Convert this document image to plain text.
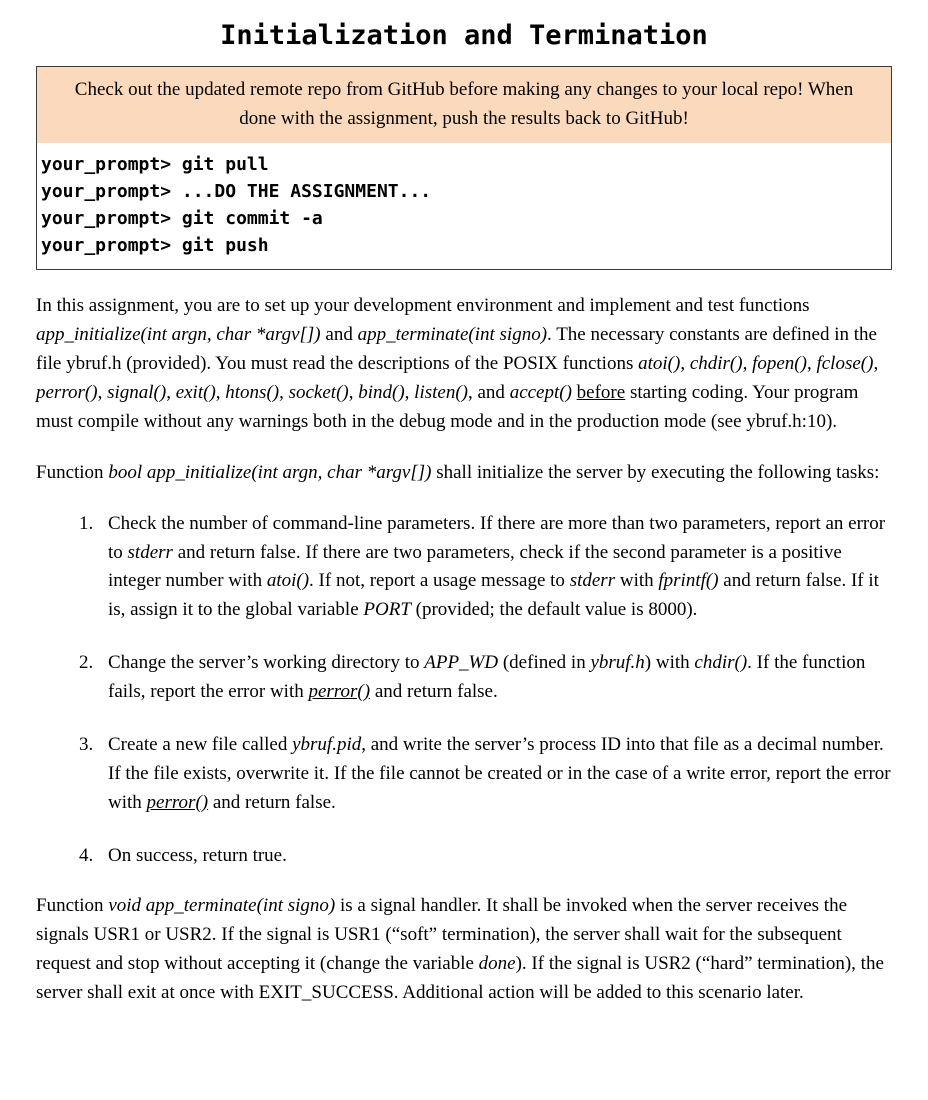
Initialization and Termination
Check out the updated remote repo from GitHub before making any changes to your local repo! When done with the assignment, push the results back to GitHub!
your_prompt> git pull
your_prompt> ...DO THE ASSIGNMENT...
your_prompt> git commit -a
your_prompt> git push

In this assignment, you are to set up your development environment and implement and test functions app_initialize(int argn, char *argv[]) and app_terminate(int signo). The necessary constants are defined in the file ybruf.h (provided). You must read the descriptions of the POSIX functions atoi(), chdir(), fopen(), fclose(), perror(), signal(), exit(), htons(), socket(), bind(), listen(), and accept() before starting coding. Your program must compile without any warnings both in the debug mode and in the production mode (see ybruf.h:10).

Function bool app_initialize(int argn, char *argv[]) shall initialize the server by executing the following tasks:

1. Check the number of command-line parameters. If there are more than two parameters, report an error to stderr and return false. If there are two parameters, check if the second parameter is a positive integer number with atoi(). If not, report a usage message to stderr with fprintf() and return false. If it is, assign it to the global variable PORT (provided; the default value is 8000).
2. Change the server’s working directory to APP_WD (defined in ybruf.h) with chdir(). If the function fails, report the error with perror() and return false.
3. Create a new file called ybruf.pid, and write the server’s process ID into that file as a decimal number. If the file exists, overwrite it. If the file cannot be created or in the case of a write error, report the error with perror() and return false.
4. On success, return true.

Function void app_terminate(int signo) is a signal handler. It shall be invoked when the server receives the signals USR1 or USR2. If the signal is USR1 (“soft” termination), the server shall wait for the subsequent request and stop without accepting it (change the variable done). If the signal is USR2 (“hard” termination), the server shall exit at once with EXIT_SUCCESS. Additional action will be added to this scenario later.
